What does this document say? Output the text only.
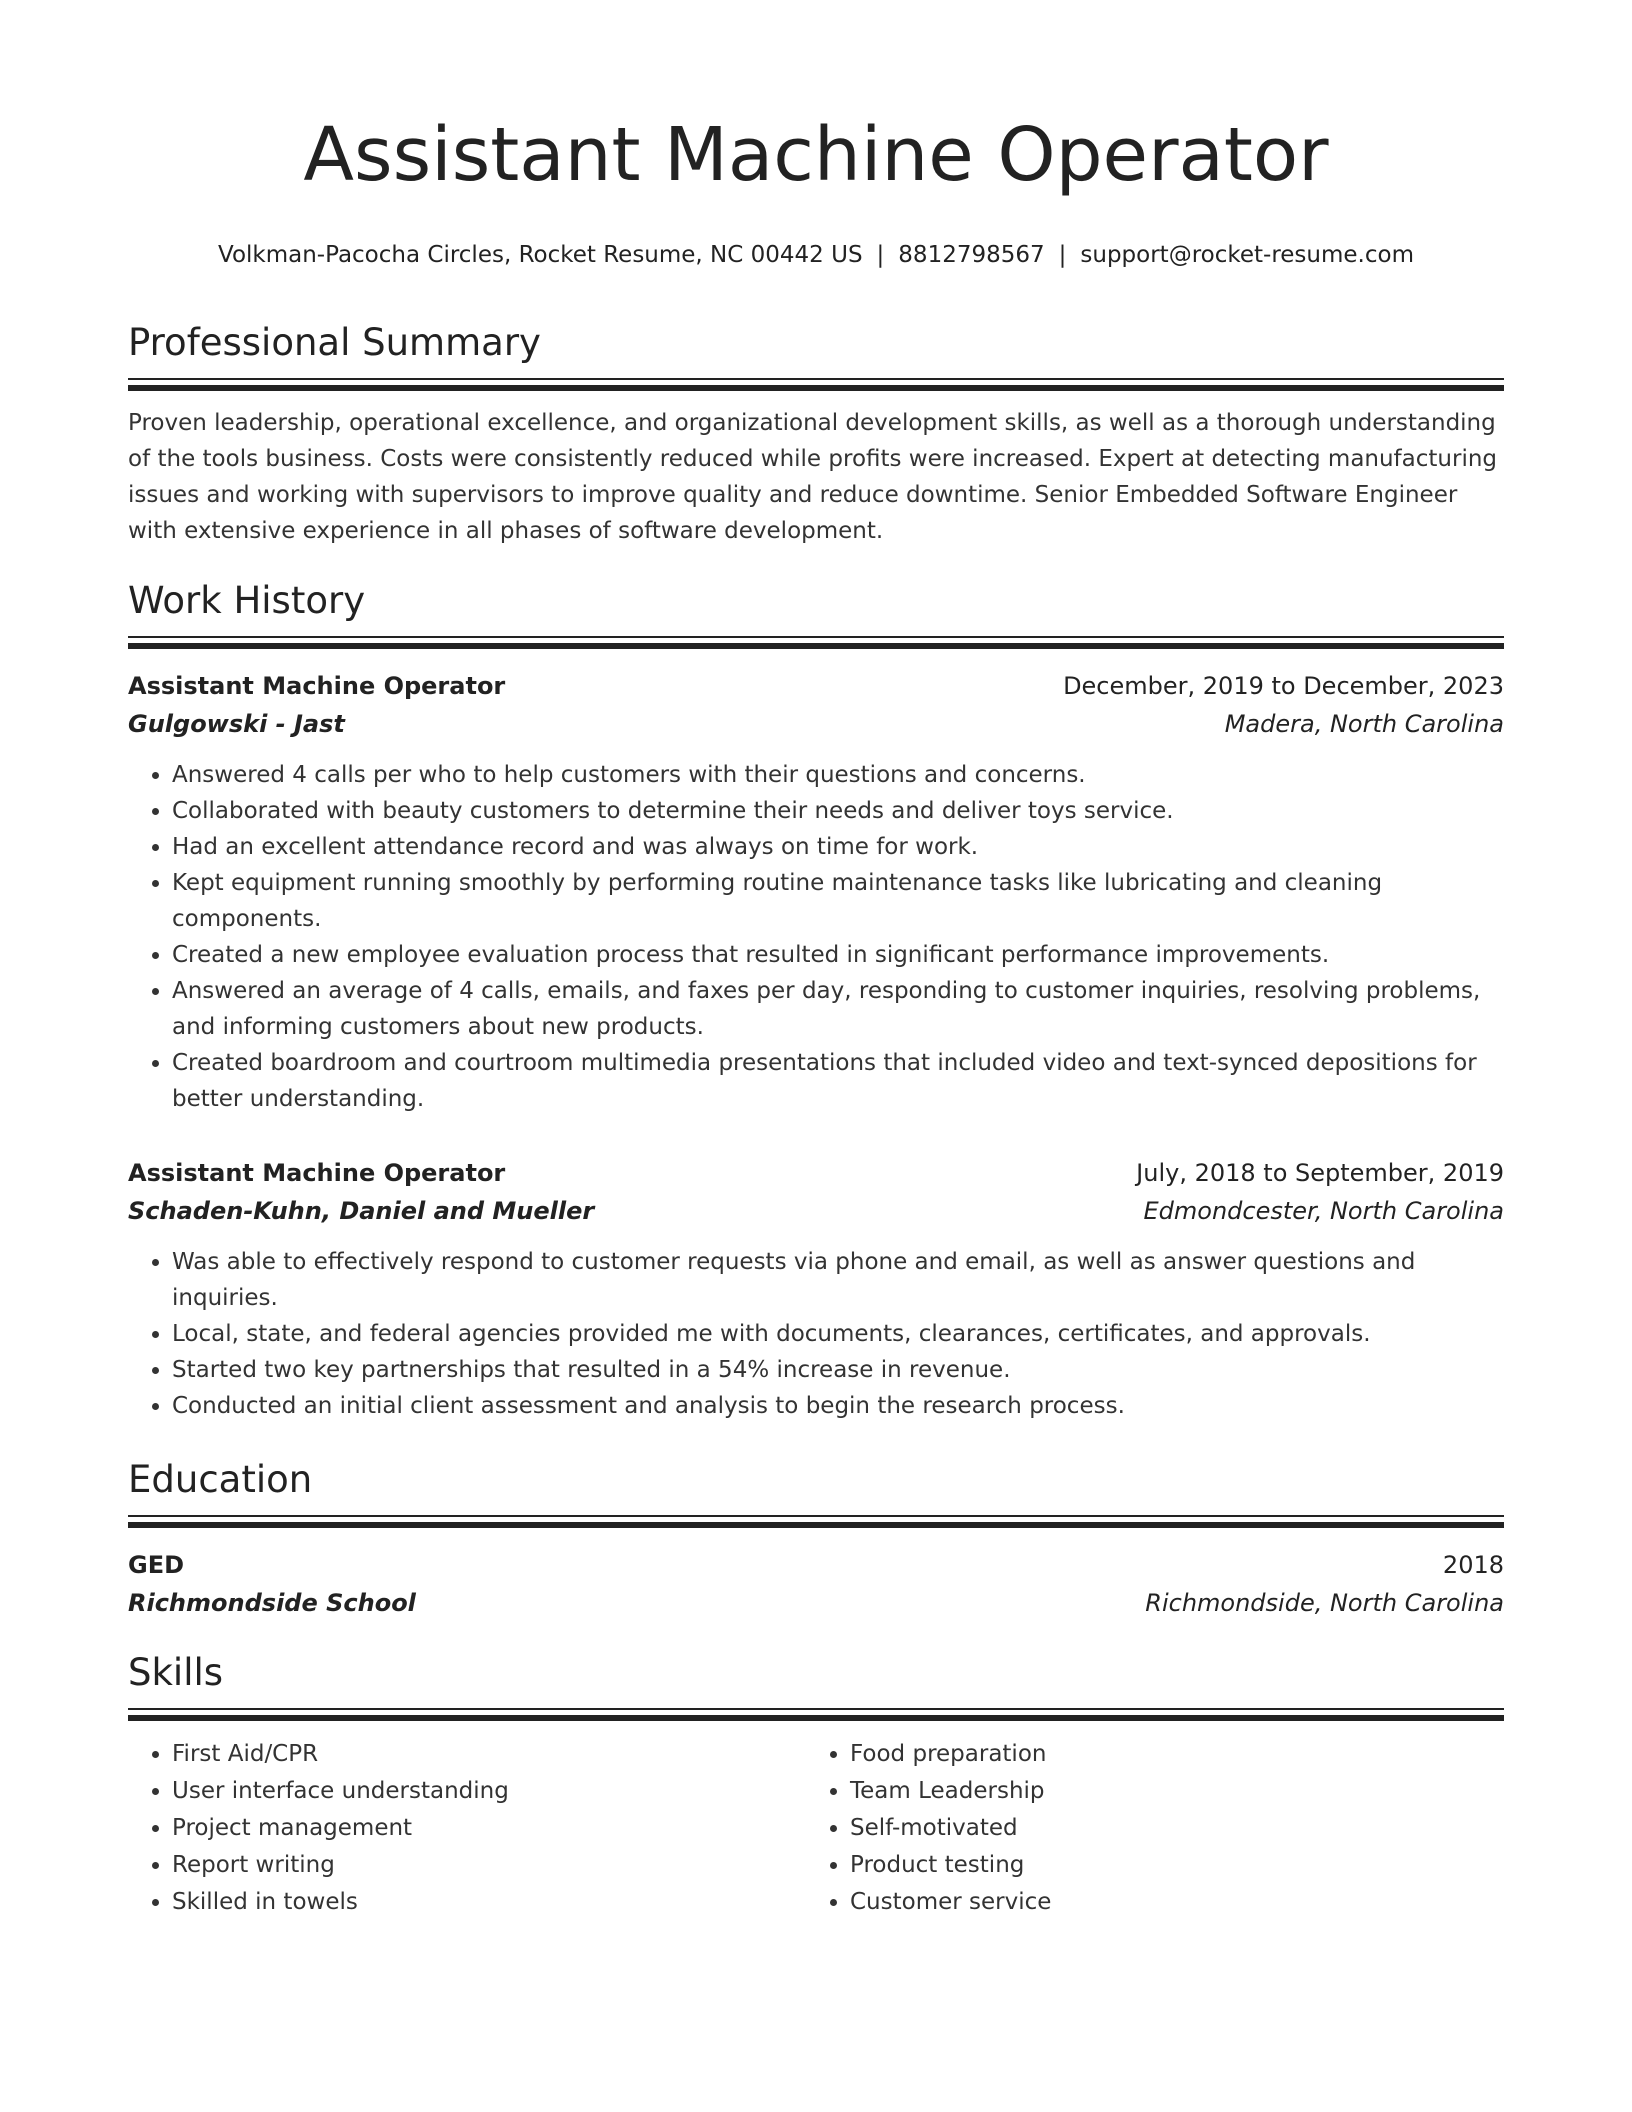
Assistant Machine Operator
Volkman-Pacocha Circles, Rocket Resume, NC 00442 US | 8812798567 | support@rocket-resume.com
Professional Summary

Proven leadership, operational excellence, and organizational development skills, as well as a thorough understanding of the tools business. Costs were consistently reduced while profits were increased. Expert at detecting manufacturing issues and working with supervisors to improve quality and reduce downtime. Senior Embedded Software Engineer with extensive experience in all phases of software development.

Work History
Assistant Machine Operator	December, 2019 to December, 2023
Gulgowski - Jast	Madera, North Carolina
• Answered 4 calls per who to help customers with their questions and concerns.
• Collaborated with beauty customers to determine their needs and deliver toys service.
• Had an excellent attendance record and was always on time for work.
• Kept equipment running smoothly by performing routine maintenance tasks like lubricating and cleaning components.
• Created a new employee evaluation process that resulted in significant performance improvements.
• Answered an average of 4 calls, emails, and faxes per day, responding to customer inquiries, resolving problems, and informing customers about new products.
• Created boardroom and courtroom multimedia presentations that included video and text-synced depositions for better understanding.
Assistant Machine Operator	July, 2018 to September, 2019
Schaden-Kuhn, Daniel and Mueller	Edmondcester, North Carolina
• Was able to effectively respond to customer requests via phone and email, as well as answer questions and inquiries.
• Local, state, and federal agencies provided me with documents, clearances, certificates, and approvals.
• Started two key partnerships that resulted in a 54% increase in revenue.
• Conducted an initial client assessment and analysis to begin the research process.
Education
GED	2018
Richmondside School	Richmondside, North Carolina
Skills
• First Aid/CPR
• User interface understanding
• Project management
• Report writing
• Skilled in towels
• Food preparation
• Team Leadership
• Self-motivated
• Product testing
• Customer service
